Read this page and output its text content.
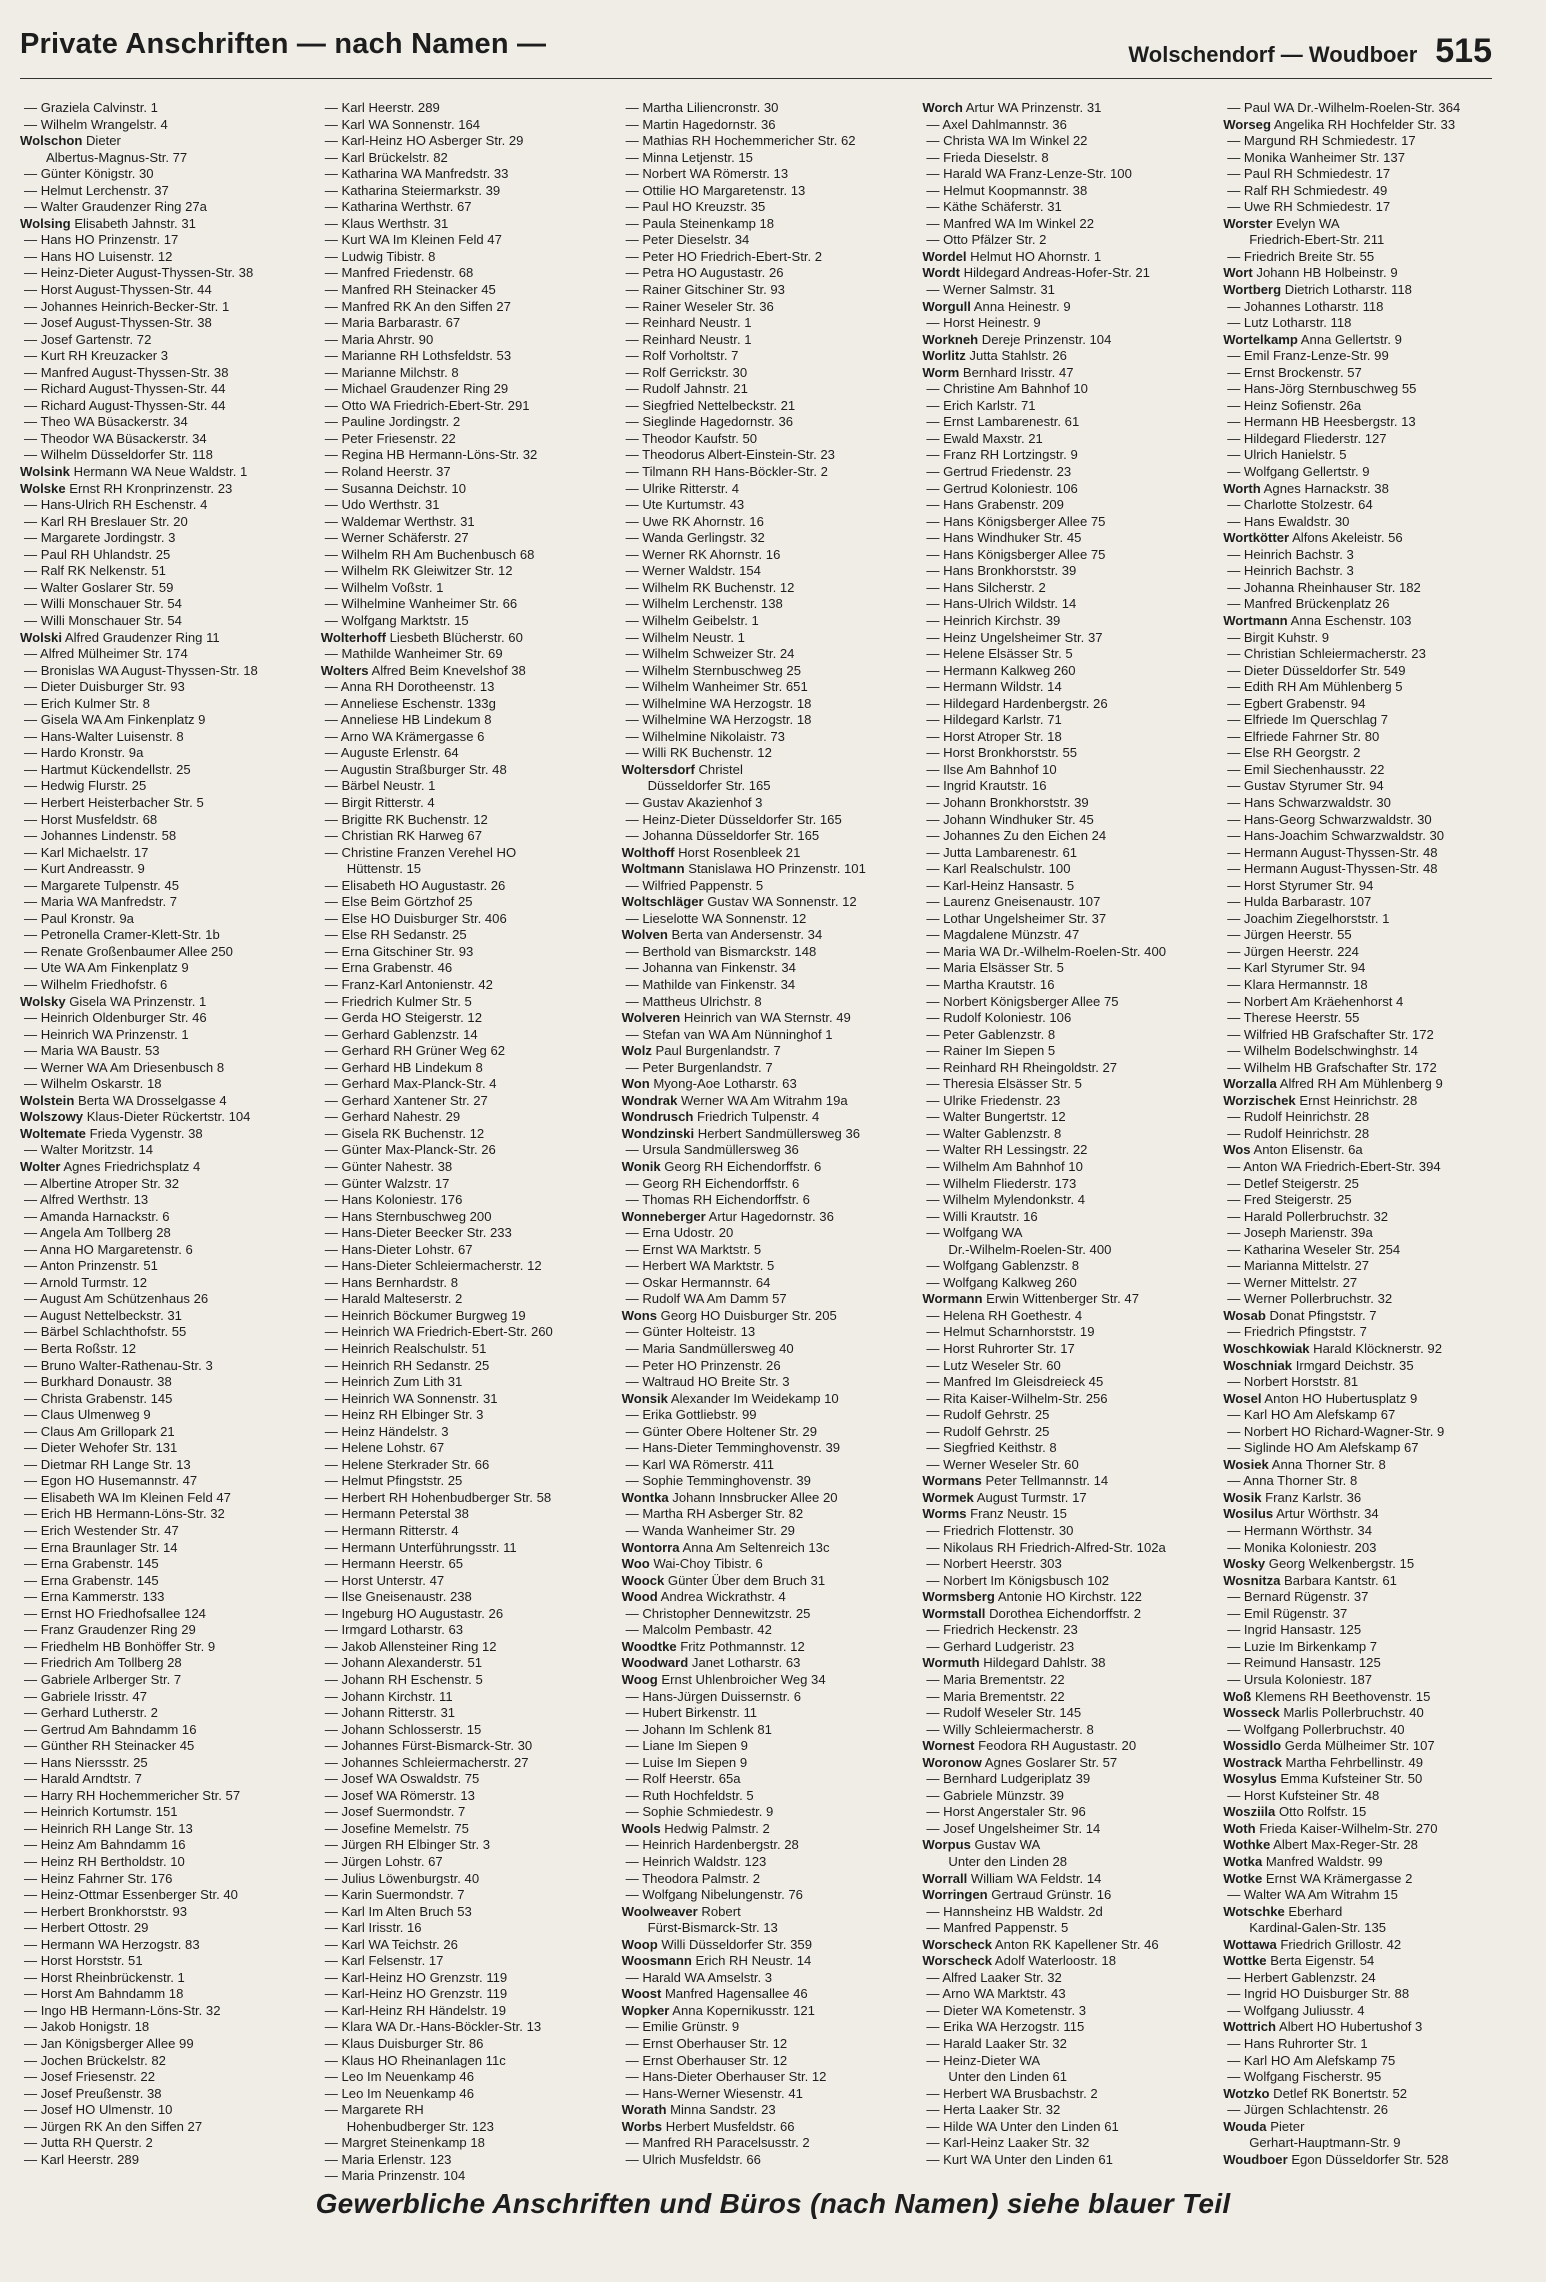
Private Anschriften — nach Namen —	Wolschendorf — Woudboer 515
— Graziela Calvinstr. 1
— Wilhelm Wrangelstr. 4
Wolschon Dieter
Albertus-Magnus-Str. 77
— Günter Königstr. 30
— Helmut Lerchenstr. 37
— Walter Graudenzer Ring 27a
Wolsing Elisabeth Jahnstr. 31
— Hans HO Prinzenstr. 17
— Hans HO Luisenstr. 12
— Heinz-Dieter August-Thyssen-Str. 38
— Horst August-Thyssen-Str. 44
— Johannes Heinrich-Becker-Str. 1
— Josef August-Thyssen-Str. 38
— Josef Gartenstr. 72
— Kurt RH Kreuzacker 3
— Manfred August-Thyssen-Str. 38
— Richard August-Thyssen-Str. 44
— Richard August-Thyssen-Str. 44
— Theo WA Büsackerstr. 34
— Theodor WA Büsackerstr. 34
— Wilhelm Düsseldorfer Str. 118
Wolsink Hermann WA Neue Waldstr. 1
Wolske Ernst RH Kronprinzenstr. 23
— Hans-Ulrich RH Eschenstr. 4
— Karl RH Breslauer Str. 20
— Margarete Jordingstr. 3
— Paul RH Uhlandstr. 25
— Ralf RK Nelkenstr. 51
— Walter Goslarer Str. 59
— Willi Monschauer Str. 54
— Willi Monschauer Str. 54
Wolski Alfred Graudenzer Ring 11
— Alfred Mülheimer Str. 174
— Bronislas WA August-Thyssen-Str. 18
— Dieter Duisburger Str. 93
— Erich Kulmer Str. 8
— Gisela WA Am Finkenplatz 9
— Hans-Walter Luisenstr. 8
— Hardo Kronstr. 9a
— Hartmut Kückendellstr. 25
— Hedwig Flurstr. 25
— Herbert Heisterbacher Str. 5
— Horst Musfeldstr. 68
— Johannes Lindenstr. 58
— Karl Michaelstr. 17
— Kurt Andreasstr. 9
— Margarete Tulpenstr. 45
— Maria WA Manfredstr. 7
— Paul Kronstr. 9a
— Petronella Cramer-Klett-Str. 1b
— Renate Großenbaumer Allee 250
— Ute WA Am Finkenplatz 9
— Wilhelm Friedhofstr. 6
Wolsky Gisela WA Prinzenstr. 1
— Heinrich Oldenburger Str. 46
— Heinrich WA Prinzenstr. 1
— Maria WA Baustr. 53
— Werner WA Am Driesenbusch 8
— Wilhelm Oskarstr. 18
Wolstein Berta WA Drosselgasse 4
Wolszowy Klaus-Dieter Rückertstr. 104
Woltemate Frieda Vygenstr. 38
— Walter Moritzstr. 14
Wolter Agnes Friedrichsplatz 4
— Albertine Atroper Str. 32
— Alfred Werthstr. 13
— Amanda Harnackstr. 6
— Angela Am Tollberg 28
— Anna HO Margaretenstr. 6
— Anton Prinzenstr. 51
— Arnold Turmstr. 12
— August Am Schützenhaus 26
— August Nettelbeckstr. 31
— Bärbel Schlachthofstr. 55
— Berta Roßstr. 12
— Bruno Walter-Rathenau-Str. 3
— Burkhard Donaustr. 38
— Christa Grabenstr. 145
— Claus Ulmenweg 9
— Claus Am Grillopark 21
— Dieter Wehofer Str. 131
— Dietmar RH Lange Str. 13
— Egon HO Husemannstr. 47
— Elisabeth WA Im Kleinen Feld 47
— Erich HB Hermann-Löns-Str. 32
— Erich Westender Str. 47
— Erna Braunlager Str. 14
— Erna Grabenstr. 145
— Erna Grabenstr. 145
— Erna Kammerstr. 133
— Ernst HO Friedhofsallee 124
— Franz Graudenzer Ring 29
— Friedhelm HB Bonhöffer Str. 9
— Friedrich Am Tollberg 28
— Gabriele Arlberger Str. 7
— Gabriele Irisstr. 47
— Gerhard Lutherstr. 2
— Gertrud Am Bahndamm 16
— Günther RH Steinacker 45
— Hans Nierssstr. 25
— Harald Arndtstr. 7
— Harry RH Hochemmericher Str. 57
— Heinrich Kortumstr. 151
— Heinrich RH Lange Str. 13
— Heinz Am Bahndamm 16
— Heinz RH Bertholdstr. 10
— Heinz Fahrner Str. 176
— Heinz-Ottmar Essenberger Str. 40
— Herbert Bronkhorststr. 93
— Herbert Ottostr. 29
— Hermann WA Herzogstr. 83
— Horst Horststr. 51
— Horst Rheinbrückenstr. 1
— Horst Am Bahndamm 18
— Ingo HB Hermann-Löns-Str. 32
— Jakob Honigstr. 18
— Jan Königsberger Allee 99
— Jochen Brückelstr. 82
— Josef Friesenstr. 22
— Josef Preußenstr. 38
— Josef HO Ulmenstr. 10
— Jürgen RK An den Siffen 27
— Jutta RH Querstr. 2
— Karl Heerstr. 289
— Karl Heerstr. 289
— Karl WA Sonnenstr. 164
— Karl-Heinz HO Asberger Str. 29
— Karl Brückelstr. 82
— Katharina WA Manfredstr. 33
— Katharina Steiermarkstr. 39
— Katharina Werthstr. 67
— Klaus Werthstr. 31
— Kurt WA Im Kleinen Feld 47
— Ludwig Tibistr. 8
— Manfred Friedenstr. 68
— Manfred RH Steinacker 45
— Manfred RK An den Siffen 27
— Maria Barbarastr. 67
— Maria Ahrstr. 90
— Marianne RH Lothsfeldstr. 53
— Marianne Milchstr. 8
— Michael Graudenzer Ring 29
— Otto WA Friedrich-Ebert-Str. 291
— Pauline Jordingstr. 2
— Peter Friesenstr. 22
— Regina HB Hermann-Löns-Str. 32
— Roland Heerstr. 37
— Susanna Deichstr. 10
— Udo Werthstr. 31
— Waldemar Werthstr. 31
— Werner Schäferstr. 27
— Wilhelm RH Am Buchenbusch 68
— Wilhelm RK Gleiwitzer Str. 12
— Wilhelm Voßstr. 1
— Wilhelmine Wanheimer Str. 66
— Wolfgang Marktstr. 15
Wolterhoff Liesbeth Blücherstr. 60
— Mathilde Wanheimer Str. 69
Wolters Alfred Beim Knevelshof 38
— Anna RH Dorotheenstr. 13
— Anneliese Eschenstr. 133g
— Anneliese HB Lindekum 8
— Arno WA Krämergasse 6
— Auguste Erlenstr. 64
— Augustin Straßburger Str. 48
— Bärbel Neustr. 1
— Birgit Ritterstr. 4
— Brigitte RK Buchenstr. 12
— Christian RK Harweg 67
— Christine Franzen Verehel HO
Hüttenstr. 15
— Elisabeth HO Augustastr. 26
— Else Beim Görtzhof 25
— Else HO Duisburger Str. 406
— Else RH Sedanstr. 25
— Erna Gitschiner Str. 93
— Erna Grabenstr. 46
— Franz-Karl Antonienstr. 42
— Friedrich Kulmer Str. 5
— Gerda HO Steigerstr. 12
— Gerhard Gablenzstr. 14
— Gerhard RH Grüner Weg 62
— Gerhard HB Lindekum 8
— Gerhard Max-Planck-Str. 4
— Gerhard Xantener Str. 27
— Gerhard Nahestr. 29
— Gisela RK Buchenstr. 12
— Günter Max-Planck-Str. 26
— Günter Nahestr. 38
— Günter Walzstr. 17
— Hans Koloniestr. 176
— Hans Sternbuschweg 200
— Hans-Dieter Beecker Str. 233
— Hans-Dieter Lohstr. 67
— Hans-Dieter Schleiermacherstr. 12
— Hans Bernhardstr. 8
— Harald Malteserstr. 2
— Heinrich Böckumer Burgweg 19
— Heinrich WA Friedrich-Ebert-Str. 260
— Heinrich Realschulstr. 51
— Heinrich RH Sedanstr. 25
— Heinrich Zum Lith 31
— Heinrich WA Sonnenstr. 31
— Heinz RH Elbinger Str. 3
— Heinz Händelstr. 3
— Helene Lohstr. 67
— Helene Sterkrader Str. 66
— Helmut Pfingststr. 25
— Herbert RH Hohenbudberger Str. 58
— Hermann Peterstal 38
— Hermann Ritterstr. 4
— Hermann Unterführungsstr. 11
— Hermann Heerstr. 65
— Horst Unterstr. 47
— Ilse Gneisenaustr. 238
— Ingeburg HO Augustastr. 26
— Irmgard Lotharstr. 63
— Jakob Allensteiner Ring 12
— Johann Alexanderstr. 51
— Johann RH Eschenstr. 5
— Johann Kirchstr. 11
— Johann Ritterstr. 31
— Johann Schlosserstr. 15
— Johannes Fürst-Bismarck-Str. 30
— Johannes Schleiermacherstr. 27
— Josef WA Oswaldstr. 75
— Josef WA Römerstr. 13
— Josef Suermondstr. 7
— Josefine Memelstr. 75
— Jürgen RH Elbinger Str. 3
— Jürgen Lohstr. 67
— Julius Löwenburgstr. 40
— Karin Suermondstr. 7
— Karl Im Alten Bruch 53
— Karl Irisstr. 16
— Karl WA Teichstr. 26
— Karl Felsenstr. 17
— Karl-Heinz HO Grenzstr. 119
— Karl-Heinz HO Grenzstr. 119
— Karl-Heinz RH Händelstr. 19
— Klara WA Dr.-Hans-Böckler-Str. 13
— Klaus Duisburger Str. 86
— Klaus HO Rheinanlagen 11c
— Leo Im Neuenkamp 46
— Leo Im Neuenkamp 46
— Margarete RH
Hohenbudberger Str. 123
— Margret Steinenkamp 18
— Maria Erlenstr. 123
— Maria Prinzenstr. 104
— Martha Liliencronstr. 30
— Martin Hagedornstr. 36
— Mathias RH Hochemmericher Str. 62
— Minna Letjenstr. 15
— Norbert WA Römerstr. 13
— Ottilie HO Margaretenstr. 13
— Paul HO Kreuzstr. 35
— Paula Steinenkamp 18
— Peter Dieselstr. 34
— Peter HO Friedrich-Ebert-Str. 2
— Petra HO Augustastr. 26
— Rainer Gitschiner Str. 93
— Rainer Weseler Str. 36
— Reinhard Neustr. 1
— Reinhard Neustr. 1
— Rolf Vorholtstr. 7
— Rolf Gerrickstr. 30
— Rudolf Jahnstr. 21
— Siegfried Nettelbeckstr. 21
— Sieglinde Hagedornstr. 36
— Theodor Kaufstr. 50
— Theodorus Albert-Einstein-Str. 23
— Tilmann RH Hans-Böckler-Str. 2
— Ulrike Ritterstr. 4
— Ute Kurtumstr. 43
— Uwe RK Ahornstr. 16
— Wanda Gerlingstr. 32
— Werner RK Ahornstr. 16
— Werner Waldstr. 154
— Wilhelm RK Buchenstr. 12
— Wilhelm Lerchenstr. 138
— Wilhelm Geibelstr. 1
— Wilhelm Neustr. 1
— Wilhelm Schweizer Str. 24
— Wilhelm Sternbuschweg 25
— Wilhelm Wanheimer Str. 651
— Wilhelmine WA Herzogstr. 18
— Wilhelmine WA Herzogstr. 18
— Wilhelmine Nikolaistr. 73
— Willi RK Buchenstr. 12
Woltersdorf Christel
Düsseldorfer Str. 165
— Gustav Akazienhof 3
— Heinz-Dieter Düsseldorfer Str. 165
— Johanna Düsseldorfer Str. 165
Wolthoff Horst Rosenbleek 21
Woltmann Stanislawa HO Prinzenstr. 101
— Wilfried Pappenstr. 5
Woltschläger Gustav WA Sonnenstr. 12
— Lieselotte WA Sonnenstr. 12
Wolven Berta van Andersenstr. 34
— Berthold van Bismarckstr. 148
— Johanna van Finkenstr. 34
— Mathilde van Finkenstr. 34
— Mattheus Ulrichstr. 8
Wolveren Heinrich van WA Sternstr. 49
— Stefan van WA Am Nünninghof 1
Wolz Paul Burgenlandstr. 7
— Peter Burgenlandstr. 7
Won Myong-Aoe Lotharstr. 63
Wondrak Werner WA Am Witrahm 19a
Wondrusch Friedrich Tulpenstr. 4
Wondzinski Herbert Sandmüllersweg 36
— Ursula Sandmüllersweg 36
Wonik Georg RH Eichendorffstr. 6
— Georg RH Eichendorffstr. 6
— Thomas RH Eichendorffstr. 6
Wonneberger Artur Hagedornstr. 36
— Erna Udostr. 20
— Ernst WA Marktstr. 5
— Herbert WA Marktstr. 5
— Oskar Hermannstr. 64
— Rudolf WA Am Damm 57
Wons Georg HO Duisburger Str. 205
— Günter Holteistr. 13
— Maria Sandmüllersweg 40
— Peter HO Prinzenstr. 26
— Waltraud HO Breite Str. 3
Wonsik Alexander Im Weidekamp 10
— Erika Gottliebstr. 99
— Günter Obere Holtener Str. 29
— Hans-Dieter Temminghovenstr. 39
— Karl WA Römerstr. 411
— Sophie Temminghovenstr. 39
Wontka Johann Innsbrucker Allee 20
— Martha RH Asberger Str. 82
— Wanda Wanheimer Str. 29
Wontorra Anna Am Seltenreich 13c
Woo Wai-Choy Tibistr. 6
Woock Günter Über dem Bruch 31
Wood Andrea Wickrathstr. 4
— Christopher Dennewitzstr. 25
— Malcolm Pembastr. 42
Woodtke Fritz Pothmannstr. 12
Woodward Janet Lotharstr. 63
Woog Ernst Uhlenbroicher Weg 34
— Hans-Jürgen Duissernstr. 6
— Hubert Birkenstr. 11
— Johann Im Schlenk 81
— Liane Im Siepen 9
— Luise Im Siepen 9
— Rolf Heerstr. 65a
— Ruth Hochfeldstr. 5
— Sophie Schmiedestr. 9
Wools Hedwig Palmstr. 2
— Heinrich Hardenbergstr. 28
— Heinrich Waldstr. 123
— Theodora Palmstr. 2
— Wolfgang Nibelungenstr. 76
Woolweaver Robert
Fürst-Bismarck-Str. 13
Woop Willi Düsseldorfer Str. 359
Woosmann Erich RH Neustr. 14
— Harald WA Amselstr. 3
Woost Manfred Hagensallee 46
Wopker Anna Kopernikusstr. 121
— Emilie Grünstr. 9
— Ernst Oberhauser Str. 12
— Ernst Oberhauser Str. 12
— Hans-Dieter Oberhauser Str. 12
— Hans-Werner Wiesenstr. 41
Worath Minna Sandstr. 23
Worbs Herbert Musfeldstr. 66
— Manfred RH Paracelsusstr. 2
— Ulrich Musfeldstr. 66
Worch Artur WA Prinzenstr. 31
— Axel Dahlmannstr. 36
— Christa WA Im Winkel 22
— Frieda Dieselstr. 8
— Harald WA Franz-Lenze-Str. 100
— Helmut Koopmannstr. 38
— Käthe Schäferstr. 31
— Manfred WA Im Winkel 22
— Otto Pfälzer Str. 2
Wordel Helmut HO Ahornstr. 1
Wordt Hildegard Andreas-Hofer-Str. 21
— Werner Salmstr. 31
Worgull Anna Heinestr. 9
— Horst Heinestr. 9
Workneh Dereje Prinzenstr. 104
Worlitz Jutta Stahlstr. 26
Worm Bernhard Irisstr. 47
— Christine Am Bahnhof 10
— Erich Karlstr. 71
— Ernst Lambarenestr. 61
— Ewald Maxstr. 21
— Franz RH Lortzingstr. 9
— Gertrud Friedenstr. 23
— Gertrud Koloniestr. 106
— Hans Grabenstr. 209
— Hans Königsberger Allee 75
— Hans Windhuker Str. 45
— Hans Königsberger Allee 75
— Hans Bronkhorststr. 39
— Hans Silcherstr. 2
— Hans-Ulrich Wildstr. 14
— Heinrich Kirchstr. 39
— Heinz Ungelsheimer Str. 37
— Helene Elsässer Str. 5
— Hermann Kalkweg 260
— Hermann Wildstr. 14
— Hildegard Hardenbergstr. 26
— Hildegard Karlstr. 71
— Horst Atroper Str. 18
— Horst Bronkhorststr. 55
— Ilse Am Bahnhof 10
— Ingrid Krautstr. 16
— Johann Bronkhorststr. 39
— Johann Windhuker Str. 45
— Johannes Zu den Eichen 24
— Jutta Lambarenestr. 61
— Karl Realschulstr. 100
— Karl-Heinz Hansastr. 5
— Laurenz Gneisenaustr. 107
— Lothar Ungelsheimer Str. 37
— Magdalene Münzstr. 47
— Maria WA Dr.-Wilhelm-Roelen-Str. 400
— Maria Elsässer Str. 5
— Martha Krautstr. 16
— Norbert Königsberger Allee 75
— Rudolf Koloniestr. 106
— Peter Gablenzstr. 8
— Rainer Im Siepen 5
— Reinhard RH Rheingoldstr. 27
— Theresia Elsässer Str. 5
— Ulrike Friedenstr. 23
— Walter Bungertstr. 12
— Walter Gablenzstr. 8
— Walter RH Lessingstr. 22
— Wilhelm Am Bahnhof 10
— Wilhelm Fliederstr. 173
— Wilhelm Mylendonkstr. 4
— Willi Krautstr. 16
— Wolfgang WA
Dr.-Wilhelm-Roelen-Str. 400
— Wolfgang Gablenzstr. 8
— Wolfgang Kalkweg 260
Wormann Erwin Wittenberger Str. 47
— Helena RH Goethestr. 4
— Helmut Scharnhorststr. 19
— Horst Ruhrorter Str. 17
— Lutz Weseler Str. 60
— Manfred Im Gleisdreieck 45
— Rita Kaiser-Wilhelm-Str. 256
— Rudolf Gehrstr. 25
— Rudolf Gehrstr. 25
— Siegfried Keithstr. 8
— Werner Weseler Str. 60
Wormans Peter Tellmannstr. 14
Wormek August Turmstr. 17
Worms Franz Neustr. 15
— Friedrich Flottenstr. 30
— Nikolaus RH Friedrich-Alfred-Str. 102a
— Norbert Heerstr. 303
— Norbert Im Königsbusch 102
Wormsberg Antonie HO Kirchstr. 122
Wormstall Dorothea Eichendorffstr. 2
— Friedrich Heckenstr. 23
— Gerhard Ludgeristr. 23
Wormuth Hildegard Dahlstr. 38
— Maria Brementstr. 22
— Maria Brementstr. 22
— Rudolf Weseler Str. 145
— Willy Schleiermacherstr. 8
Wornest Feodora RH Augustastr. 20
Woronow Agnes Goslarer Str. 57
— Bernhard Ludgeriplatz 39
— Gabriele Münzstr. 39
— Horst Angerstaler Str. 96
— Josef Ungelsheimer Str. 14
Worpus Gustav WA
Unter den Linden 28
Worrall William WA Feldstr. 14
Worringen Gertraud Grünstr. 16
— Hannsheinz HB Waldstr. 2d
— Manfred Pappenstr. 5
Worscheck Anton RK Kapellener Str. 46
Worscheck Adolf Waterloostr. 18
— Alfred Laaker Str. 32
— Arno WA Marktstr. 43
— Dieter WA Kometenstr. 3
— Erika WA Herzogstr. 115
— Harald Laaker Str. 32
— Heinz-Dieter WA
Unter den Linden 61
— Herbert WA Brusbachstr. 2
— Herta Laaker Str. 32
— Hilde WA Unter den Linden 61
— Karl-Heinz Laaker Str. 32
— Kurt WA Unter den Linden 61
— Paul WA Dr.-Wilhelm-Roelen-Str. 364
Worseg Angelika RH Hochfelder Str. 33
— Margund RH Schmiedestr. 17
— Monika Wanheimer Str. 137
— Paul RH Schmiedestr. 17
— Ralf RH Schmiedestr. 49
— Uwe RH Schmiedestr. 17
Worster Evelyn WA
Friedrich-Ebert-Str. 211
— Friedrich Breite Str. 55
Wort Johann HB Holbeinstr. 9
Wortberg Dietrich Lotharstr. 118
— Johannes Lotharstr. 118
— Lutz Lotharstr. 118
Wortelkamp Anna Gellertstr. 9
— Emil Franz-Lenze-Str. 99
— Ernst Brockenstr. 57
— Hans-Jörg Sternbuschweg 55
— Heinz Sofienstr. 26a
— Hermann HB Heesbergstr. 13
— Hildegard Fliederstr. 127
— Ulrich Hanielstr. 5
— Wolfgang Gellertstr. 9
Worth Agnes Harnackstr. 38
— Charlotte Stolzestr. 64
— Hans Ewaldstr. 30
Wortkötter Alfons Akeleistr. 56
— Heinrich Bachstr. 3
— Heinrich Bachstr. 3
— Johanna Rheinhauser Str. 182
— Manfred Brückenplatz 26
Wortmann Anna Eschenstr. 103
— Birgit Kuhstr. 9
— Christian Schleiermacherstr. 23
— Dieter Düsseldorfer Str. 549
— Edith RH Am Mühlenberg 5
— Egbert Grabenstr. 94
— Elfriede Im Querschlag 7
— Elfriede Fahrner Str. 80
— Else RH Georgstr. 2
— Emil Siechenhausstr. 22
— Gustav Styrumer Str. 94
— Hans Schwarzwaldstr. 30
— Hans-Georg Schwarzwaldstr. 30
— Hans-Joachim Schwarzwaldstr. 30
— Hermann August-Thyssen-Str. 48
— Hermann August-Thyssen-Str. 48
— Horst Styrumer Str. 94
— Hulda Barbarastr. 107
— Joachim Ziegelhorststr. 1
— Jürgen Heerstr. 55
— Jürgen Heerstr. 224
— Karl Styrumer Str. 94
— Klara Hermannstr. 18
— Norbert Am Kräehenhorst 4
— Therese Heerstr. 55
— Wilfried HB Grafschafter Str. 172
— Wilhelm Bodelschwinghstr. 14
— Wilhelm HB Grafschafter Str. 172
Worzalla Alfred RH Am Mühlenberg 9
Worzischek Ernst Heinrichstr. 28
— Rudolf Heinrichstr. 28
— Rudolf Heinrichstr. 28
Wos Anton Elisenstr. 6a
— Anton WA Friedrich-Ebert-Str. 394
— Detlef Steigerstr. 25
— Fred Steigerstr. 25
— Harald Pollerbruchstr. 32
— Joseph Marienstr. 39a
— Katharina Weseler Str. 254
— Marianna Mittelstr. 27
— Werner Mittelstr. 27
— Werner Pollerbruchstr. 32
Wosab Donat Pfingststr. 7
— Friedrich Pfingststr. 7
Woschkowiak Harald Klöcknerstr. 92
Woschniak Irmgard Deichstr. 35
— Norbert Horststr. 81
Wosel Anton HO Hubertusplatz 9
— Karl HO Am Alefskamp 67
— Norbert HO Richard-Wagner-Str. 9
— Siglinde HO Am Alefskamp 67
Wosiek Anna Thorner Str. 8
— Anna Thorner Str. 8
Wosik Franz Karlstr. 36
Wosilus Artur Wörthstr. 34
— Hermann Wörthstr. 34
— Monika Koloniestr. 203
Wosky Georg Welkenbergstr. 15
Wosnitza Barbara Kantstr. 61
— Bernard Rügenstr. 37
— Emil Rügenstr. 37
— Ingrid Hansastr. 125
— Luzie Im Birkenkamp 7
— Reimund Hansastr. 125
— Ursula Koloniestr. 187
Woß Klemens RH Beethovenstr. 15
Wosseck Marlis Pollerbruchstr. 40
— Wolfgang Pollerbruchstr. 40
Wossidlo Gerda Mülheimer Str. 107
Wostrack Martha Fehrbellinstr. 49
Wosylus Emma Kufsteiner Str. 50
— Horst Kufsteiner Str. 48
Wosziila Otto Rolfstr. 15
Woth Frieda Kaiser-Wilhelm-Str. 270
Wothke Albert Max-Reger-Str. 28
Wotka Manfred Waldstr. 99
Wotke Ernst WA Krämergasse 2
— Walter WA Am Witrahm 15
Wotschke Eberhard
Kardinal-Galen-Str. 135
Wottawa Friedrich Grillostr. 42
Wottke Berta Eigenstr. 54
— Herbert Gablenzstr. 24
— Ingrid HO Duisburger Str. 88
— Wolfgang Juliusstr. 4
Wottrich Albert HO Hubertushof 3
— Hans Ruhrorter Str. 1
— Karl HO Am Alefskamp 75
— Wolfgang Fischerstr. 95
Wotzko Detlef RK Bonertstr. 52
— Jürgen Schlachtenstr. 26
Wouda Pieter
Gerhart-Hauptmann-Str. 9
Woudboer Egon Düsseldorfer Str. 528
Gewerbliche Anschriften und Büros (nach Namen) siehe blauer Teil
